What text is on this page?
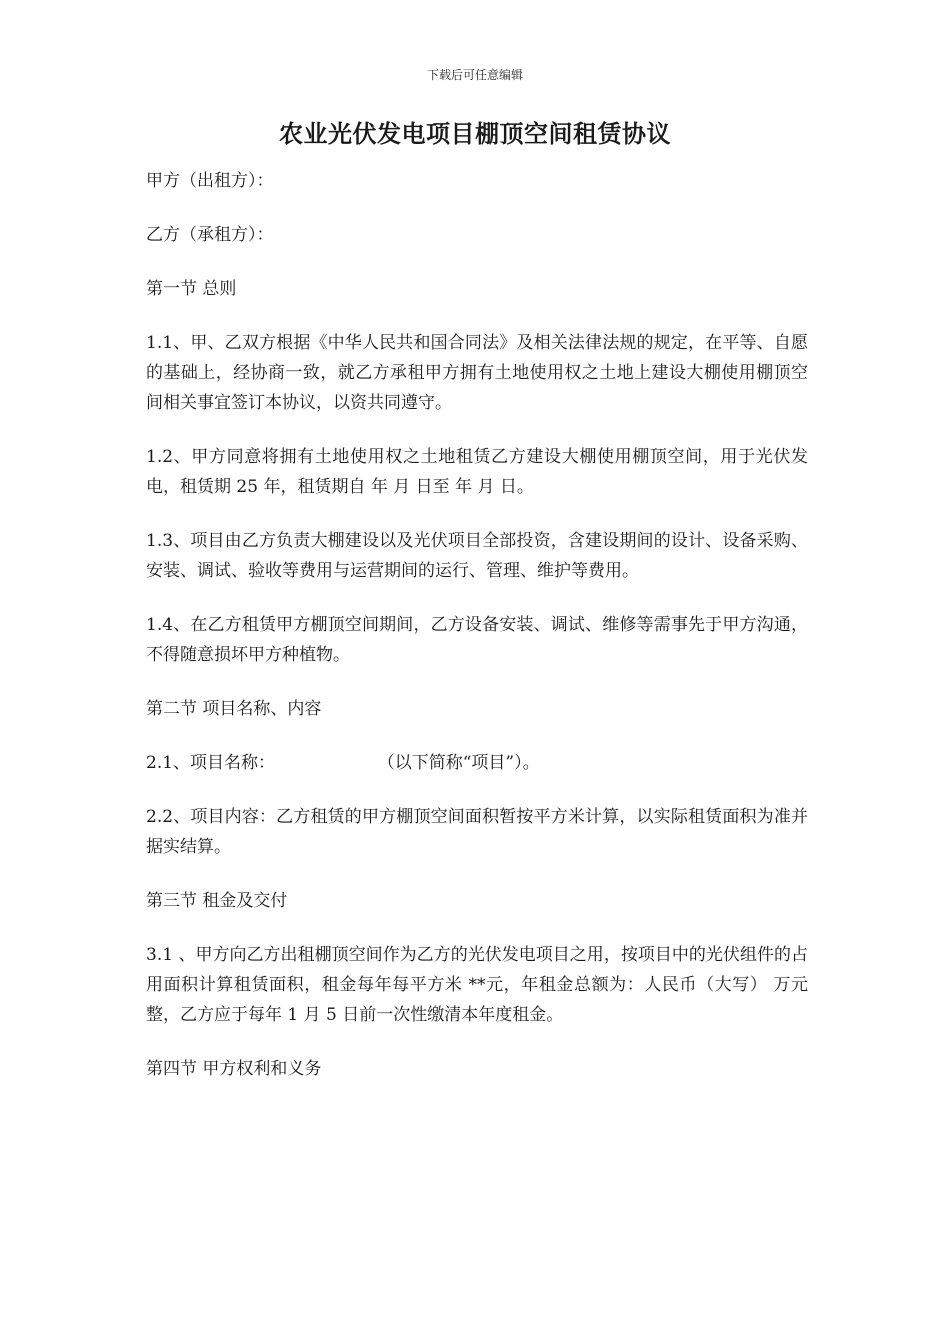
下载后可任意编辑
农业光伏发电项目棚顶空间租赁协议

甲方（出租方）：

乙方（承租方）：

第一节 总则

1.1、甲、乙双方根据《中华人民共和国合同法》及相关法律法规的规定，在平等、自愿的基础上，经协商一致，就乙方承租甲方拥有土地使用权之土地上建设大棚使用棚顶空间相关事宜签订本协议，以资共同遵守。

1.2、甲方同意将拥有土地使用权之土地租赁乙方建设大棚使用棚顶空间，用于光伏发电，租赁期 25 年，租赁期自 年 月 日至 年 月 日。

1.3、项目由乙方负责大棚建设以及光伏项目全部投资，含建设期间的设计、设备采购、安装、调试、验收等费用与运营期间的运行、管理、维护等费用。

1.4、在乙方租赁甲方棚顶空间期间，乙方设备安装、调试、维修等需事先于甲方沟通，不得随意损坏甲方种植物。

第二节 项目名称、内容

2.1、项目名称：                   （以下简称“项目”）。

2.2、项目内容：乙方租赁的甲方棚顶空间面积暂按平方米计算，以实际租赁面积为准并据实结算。

第三节 租金及交付

3.1 、甲方向乙方出租棚顶空间作为乙方的光伏发电项目之用，按项目中的光伏组件的占用面积计算租赁面积，租金每年每平方米 **元，年租金总额为：人民币（大写） 万元整，乙方应于每年 1 月 5 日前一次性缴清本年度租金。

第四节 甲方权利和义务
